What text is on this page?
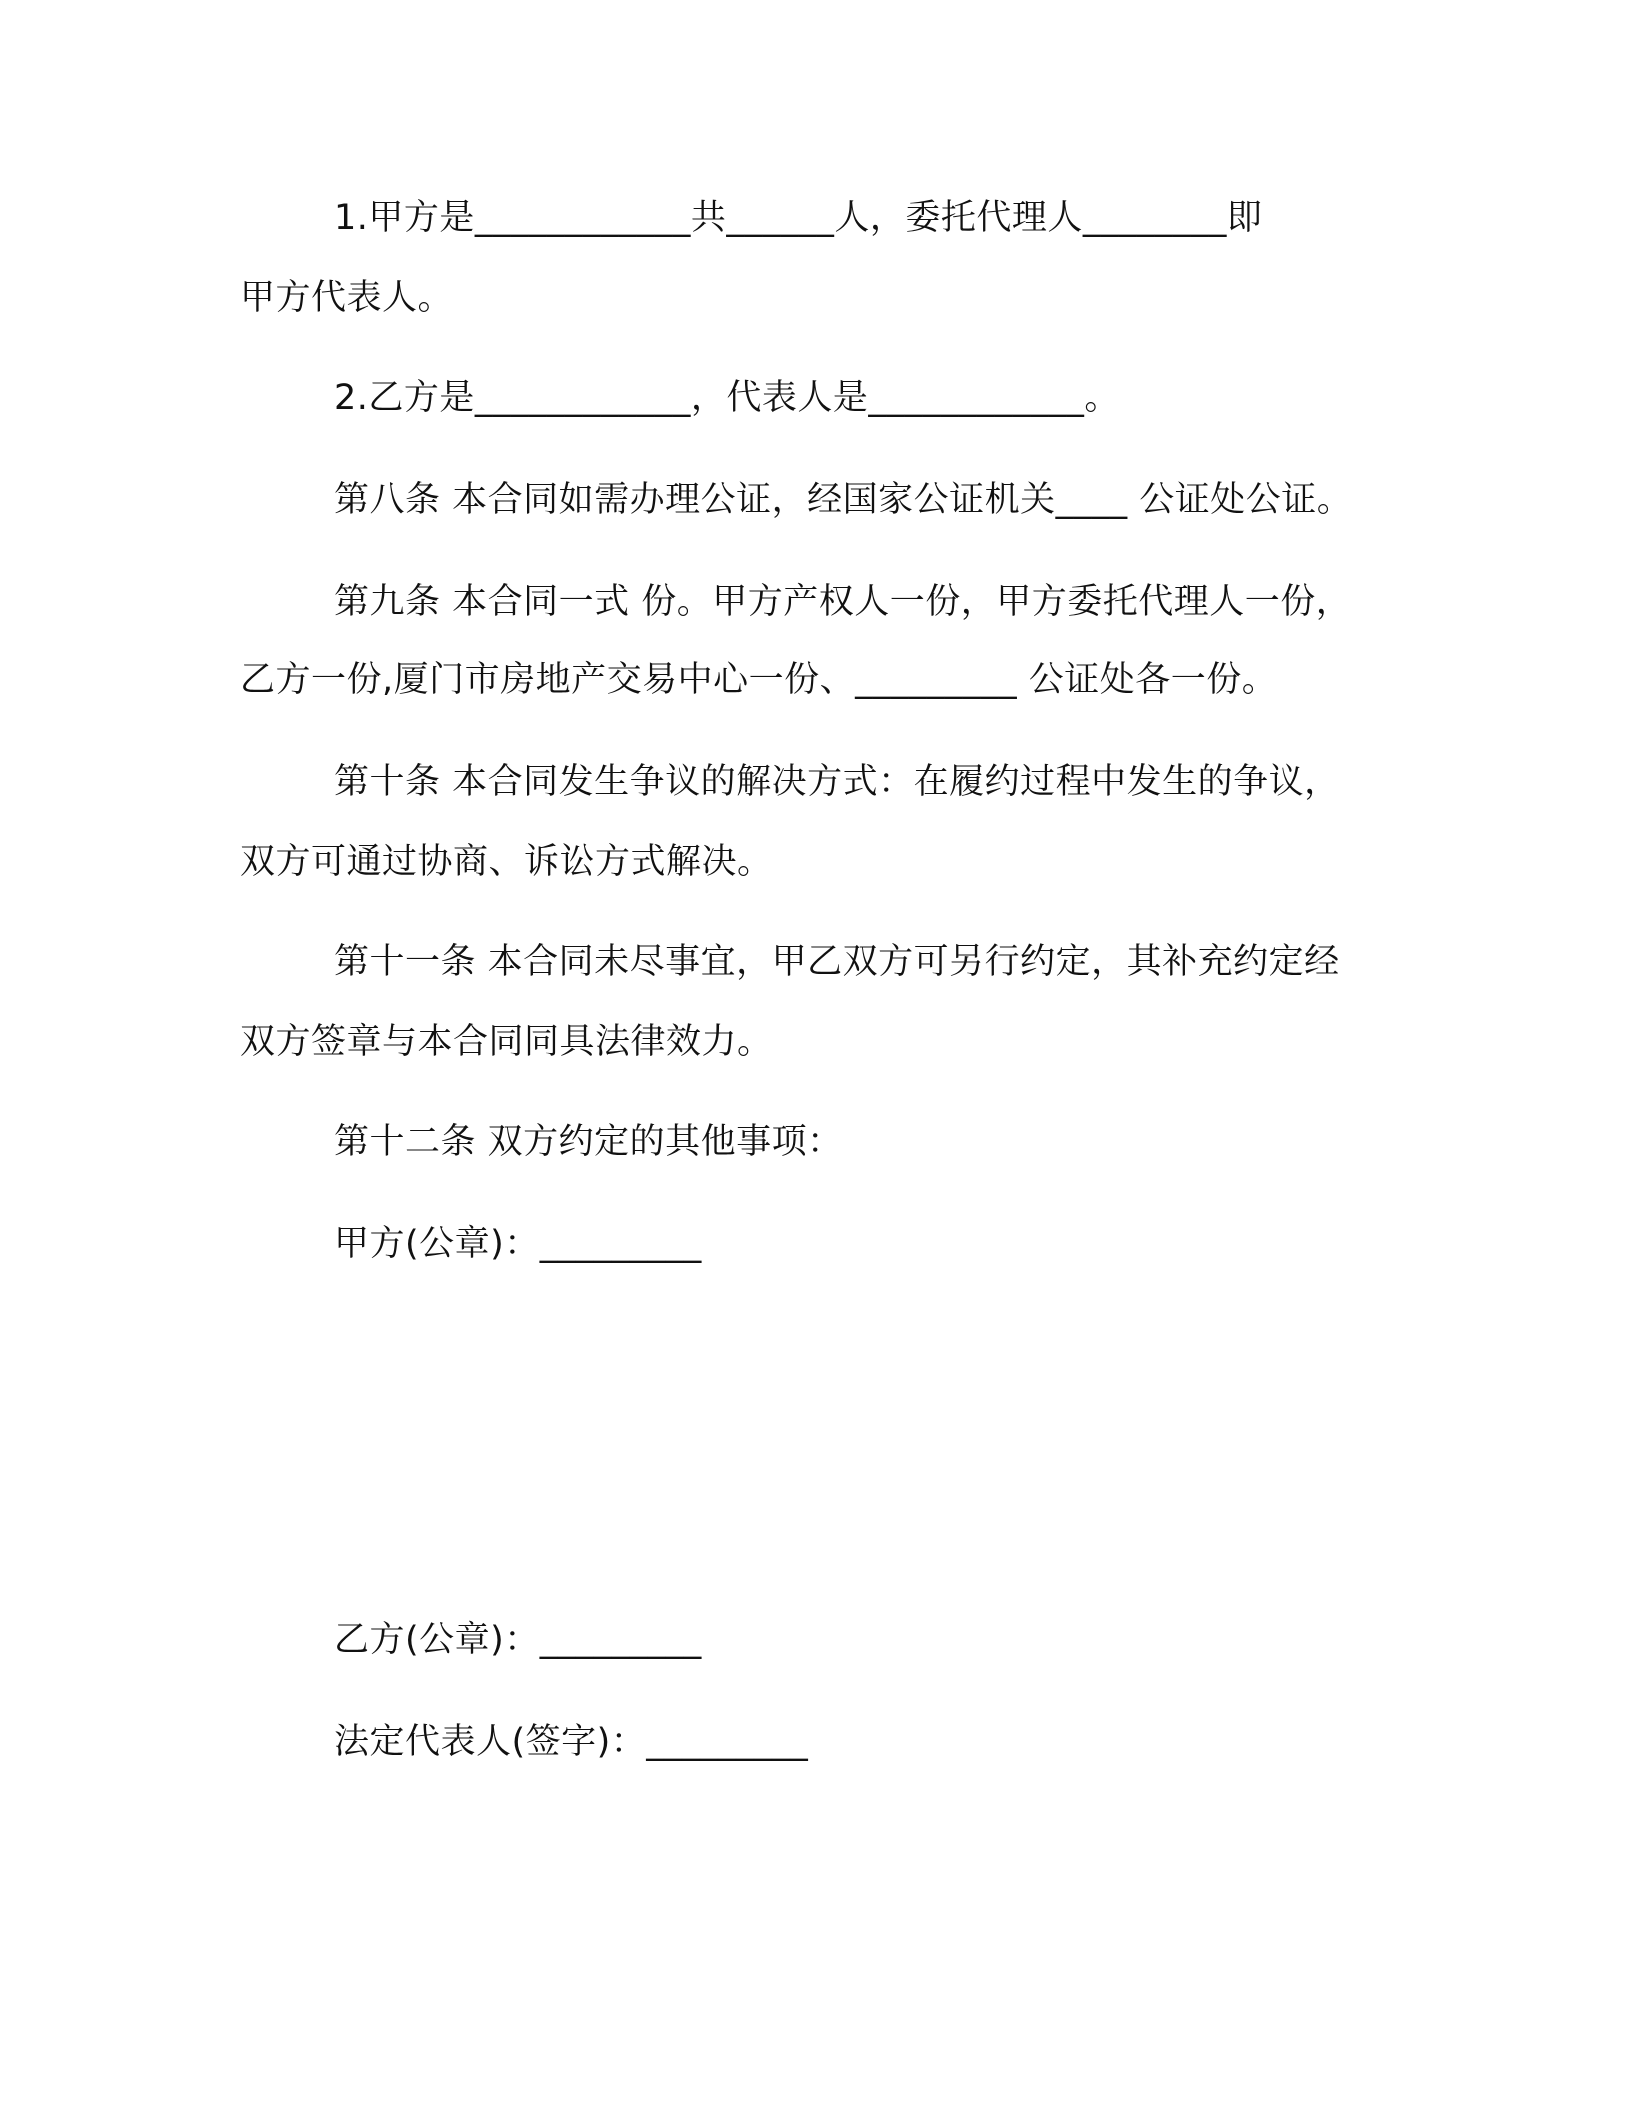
1.甲方是____________共______人，委托代理人________即
甲方代表人。
2.乙方是____________，代表人是____________。
第八条 本合同如需办理公证，经国家公证机关____ 公证处公证。
第九条 本合同一式 份。甲方产权人一份，甲方委托代理人一份，
乙方一份,厦门市房地产交易中心一份、_________ 公证处各一份。
第十条 本合同发生争议的解决方式：在履约过程中发生的争议，
双方可通过协商、诉讼方式解决。
第十一条 本合同未尽事宜，甲乙双方可另行约定，其补充约定经
双方签章与本合同同具法律效力。
第十二条 双方约定的其他事项：
甲方(公章)：_________
乙方(公章)：_________
法定代表人(签字)：_________
